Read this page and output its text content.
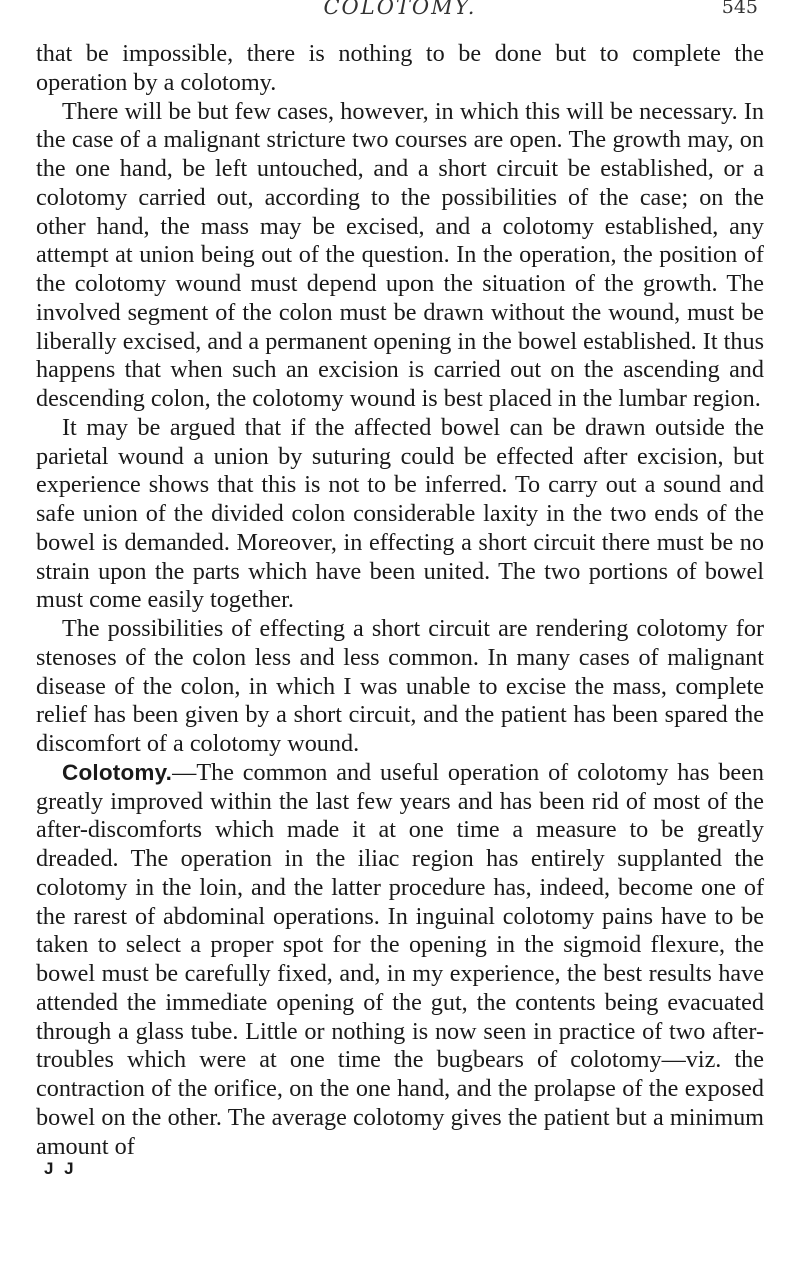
COLOTOMY.	545

that be impossible, there is nothing to be done but to complete the operation by a colotomy.

There will be but few cases, however, in which this will be necessary. In the case of a malignant stricture two courses are open. The growth may, on the one hand, be left untouched, and a short circuit be established, or a colotomy carried out, according to the possibilities of the case; on the other hand, the mass may be excised, and a colotomy established, any attempt at union being out of the question. In the operation, the position of the colotomy wound must depend upon the situation of the growth. The involved segment of the colon must be drawn without the wound, must be liberally excised, and a permanent opening in the bowel established. It thus happens that when such an excision is carried out on the ascending and descending colon, the colotomy wound is best placed in the lumbar region.

It may be argued that if the affected bowel can be drawn outside the parietal wound a union by suturing could be effected after excision, but experience shows that this is not to be inferred. To carry out a sound and safe union of the divided colon considerable laxity in the two ends of the bowel is demanded. Moreover, in effecting a short circuit there must be no strain upon the parts which have been united. The two portions of bowel must come easily together.

The possibilities of effecting a short circuit are rendering colotomy for stenoses of the colon less and less common. In many cases of malignant disease of the colon, in which I was unable to excise the mass, complete relief has been given by a short circuit, and the patient has been spared the discomfort of a colotomy wound.

Colotomy.—The common and useful operation of colotomy has been greatly improved within the last few years and has been rid of most of the after-discomforts which made it at one time a measure to be greatly dreaded. The operation in the iliac region has entirely supplanted the colotomy in the loin, and the latter procedure has, indeed, become one of the rarest of abdominal operations. In inguinal colotomy pains have to be taken to select a proper spot for the opening in the sigmoid flexure, the bowel must be carefully fixed, and, in my experience, the best results have attended the immediate opening of the gut, the contents being evacuated through a glass tube. Little or nothing is now seen in practice of two after-troubles which were at one time the bugbears of colotomy—viz. the contraction of the orifice, on the one hand, and the prolapse of the exposed bowel on the other. The average colotomy gives the patient but a minimum amount of

J J
